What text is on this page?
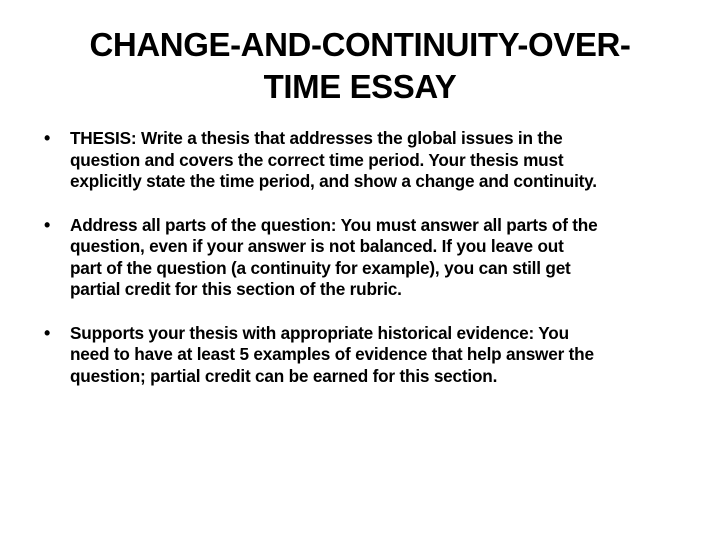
CHANGE-AND-CONTINUITY-OVER-
TIME ESSAY
• THESIS: Write a thesis that addresses the global issues in the
question and covers the correct time period. Your thesis must
explicitly state the time period, and show a change and continuity.
• Address all parts of the question: You must answer all parts of the
question, even if your answer is not balanced. If you leave out
part of the question (a continuity for example), you can still get
partial credit for this section of the rubric.
• Supports your thesis with appropriate historical evidence: You
need to have at least 5 examples of evidence that help answer the
question; partial credit can be earned for this section.
